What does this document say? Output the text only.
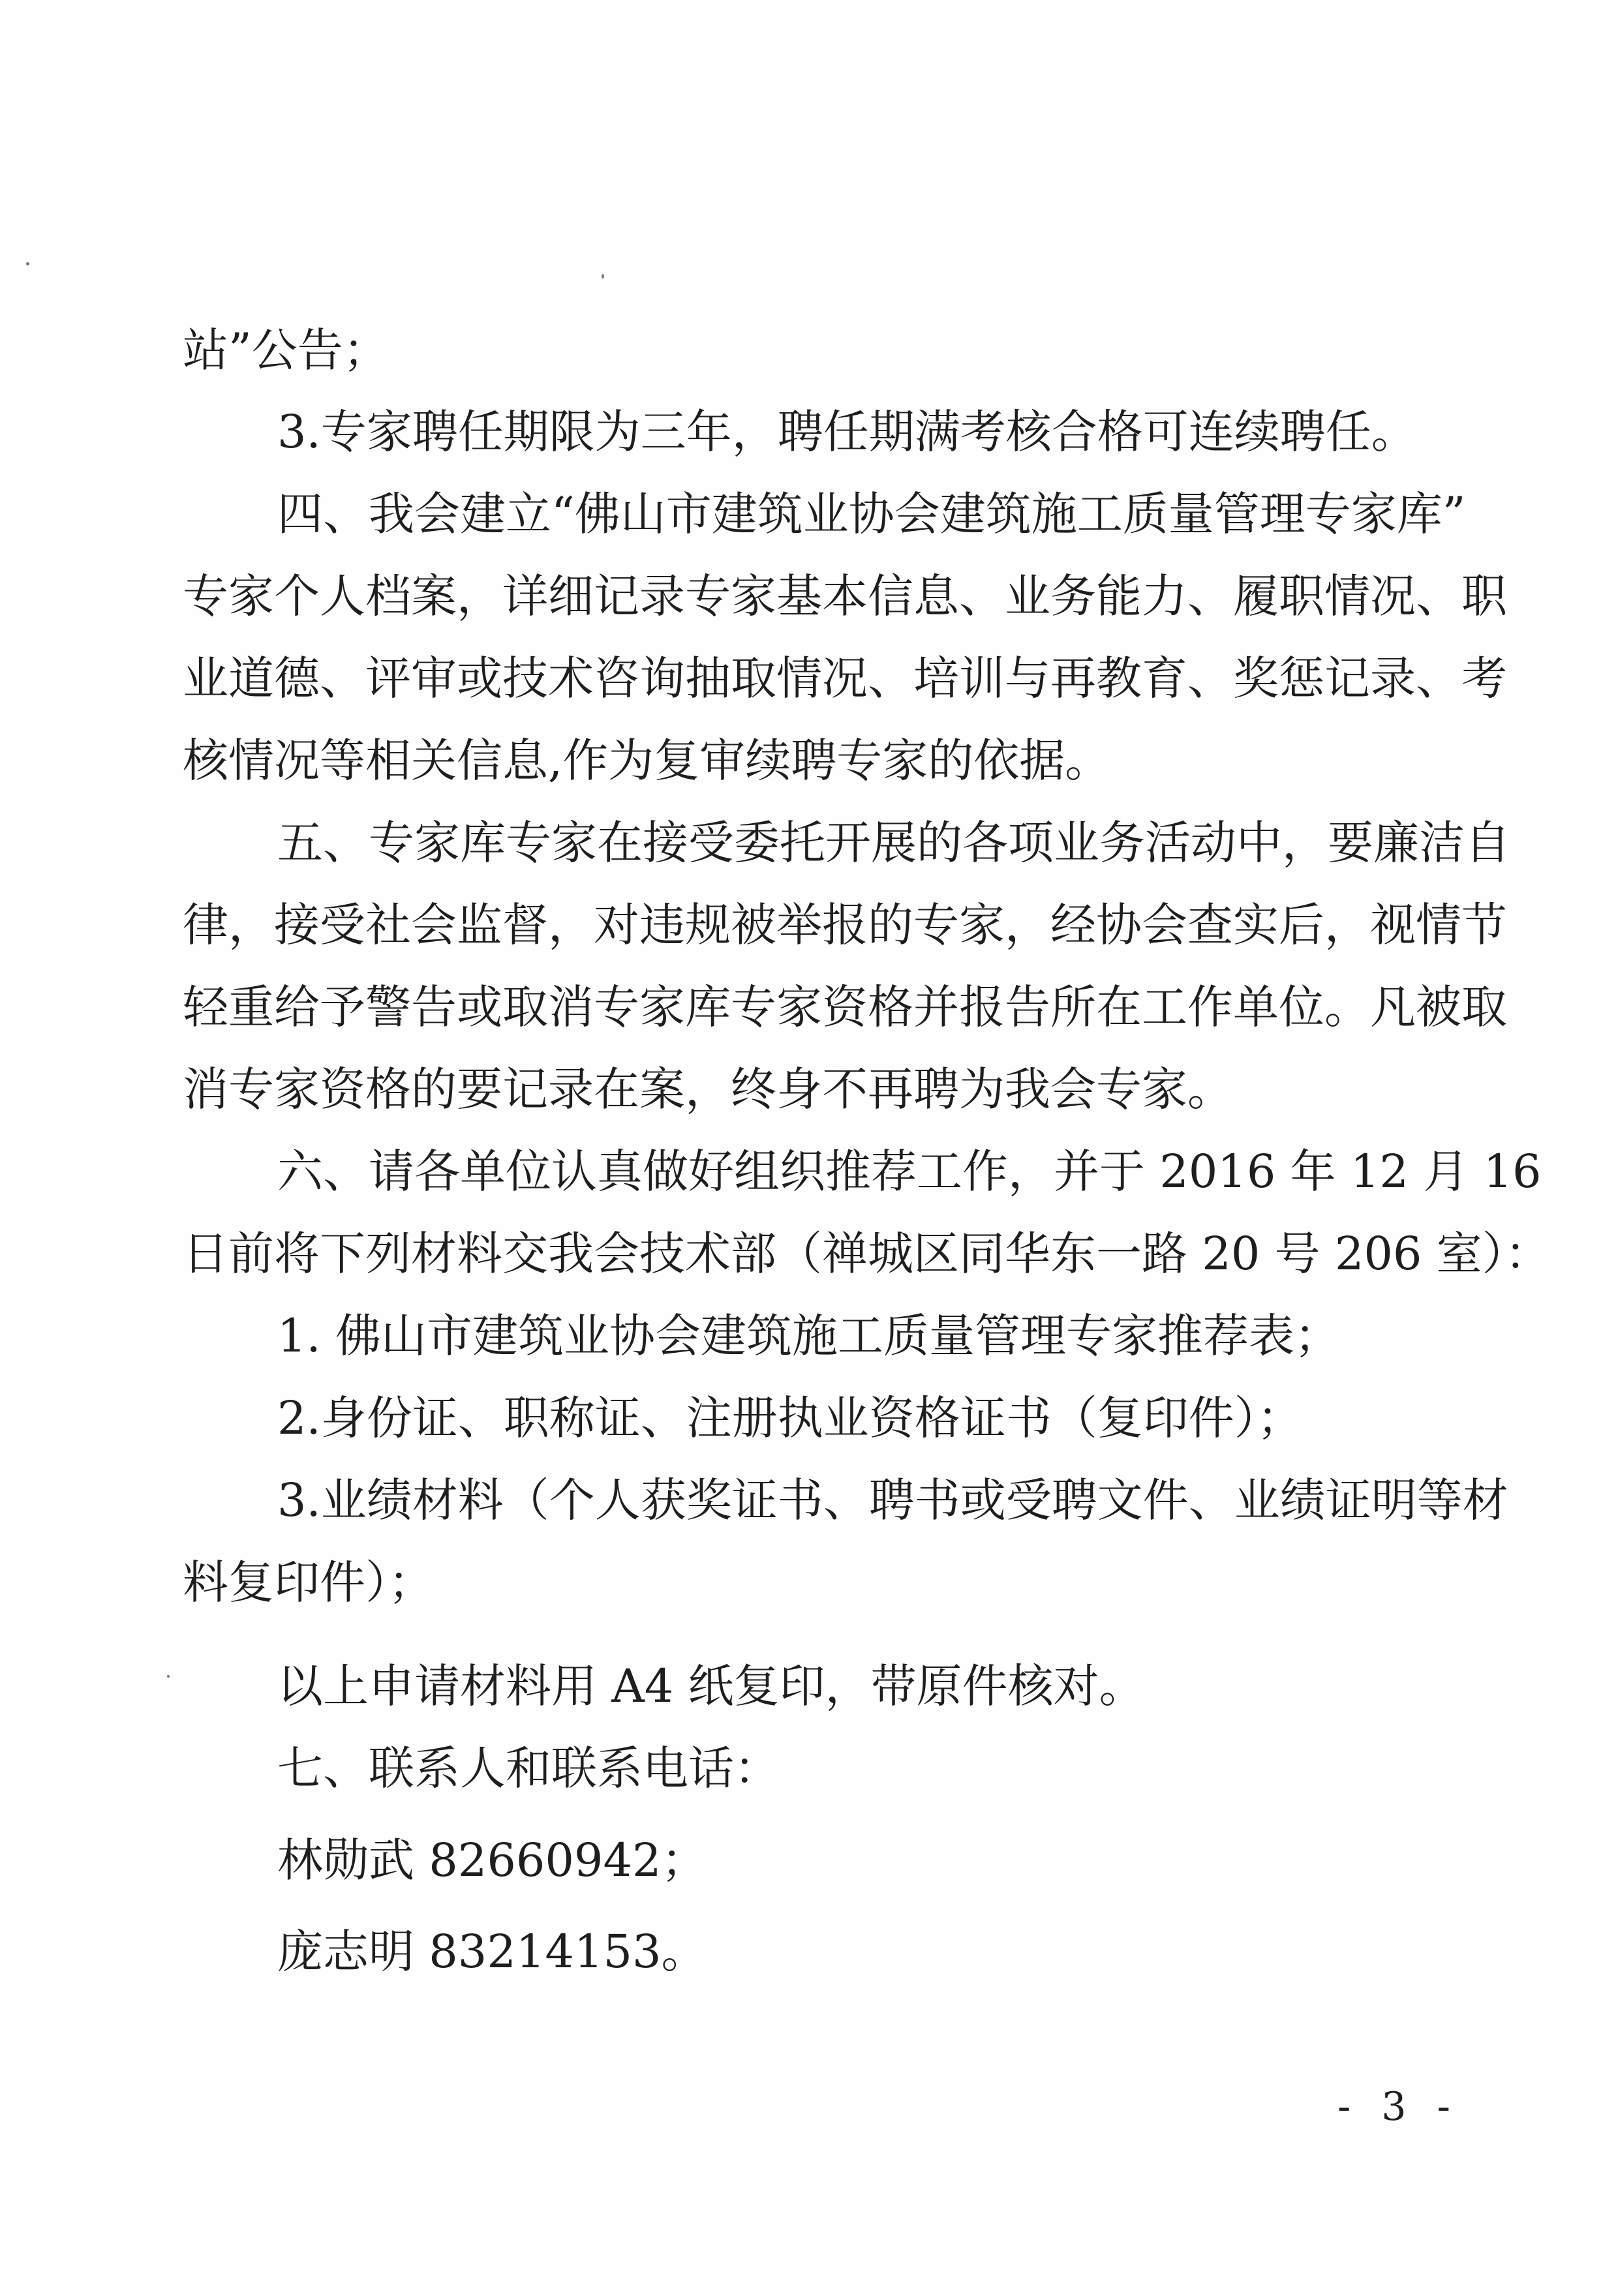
站”公告；
3.专家聘任期限为三年，聘任期满考核合格可连续聘任。
四、我会建立“佛山市建筑业协会建筑施工质量管理专家库”
专家个人档案，详细记录专家基本信息、业务能力、履职情况、职
业道德、评审或技术咨询抽取情况、培训与再教育、奖惩记录、考
核情况等相关信息,作为复审续聘专家的依据。
五、专家库专家在接受委托开展的各项业务活动中，要廉洁自
律，接受社会监督，对违规被举报的专家，经协会查实后，视情节
轻重给予警告或取消专家库专家资格并报告所在工作单位。凡被取
消专家资格的要记录在案，终身不再聘为我会专家。
六、请各单位认真做好组织推荐工作，并于 2016 年 12 月 16
日前将下列材料交我会技术部（禅城区同华东一路 20 号 206 室）：
1. 佛山市建筑业协会建筑施工质量管理专家推荐表；
2.身份证、职称证、注册执业资格证书（复印件）；
3.业绩材料（个人获奖证书、聘书或受聘文件、业绩证明等材
料复印件）；
以上申请材料用 A4 纸复印，带原件核对。
七、联系人和联系电话：
林勋武 82660942；
庞志明 83214153。
- 3 -
